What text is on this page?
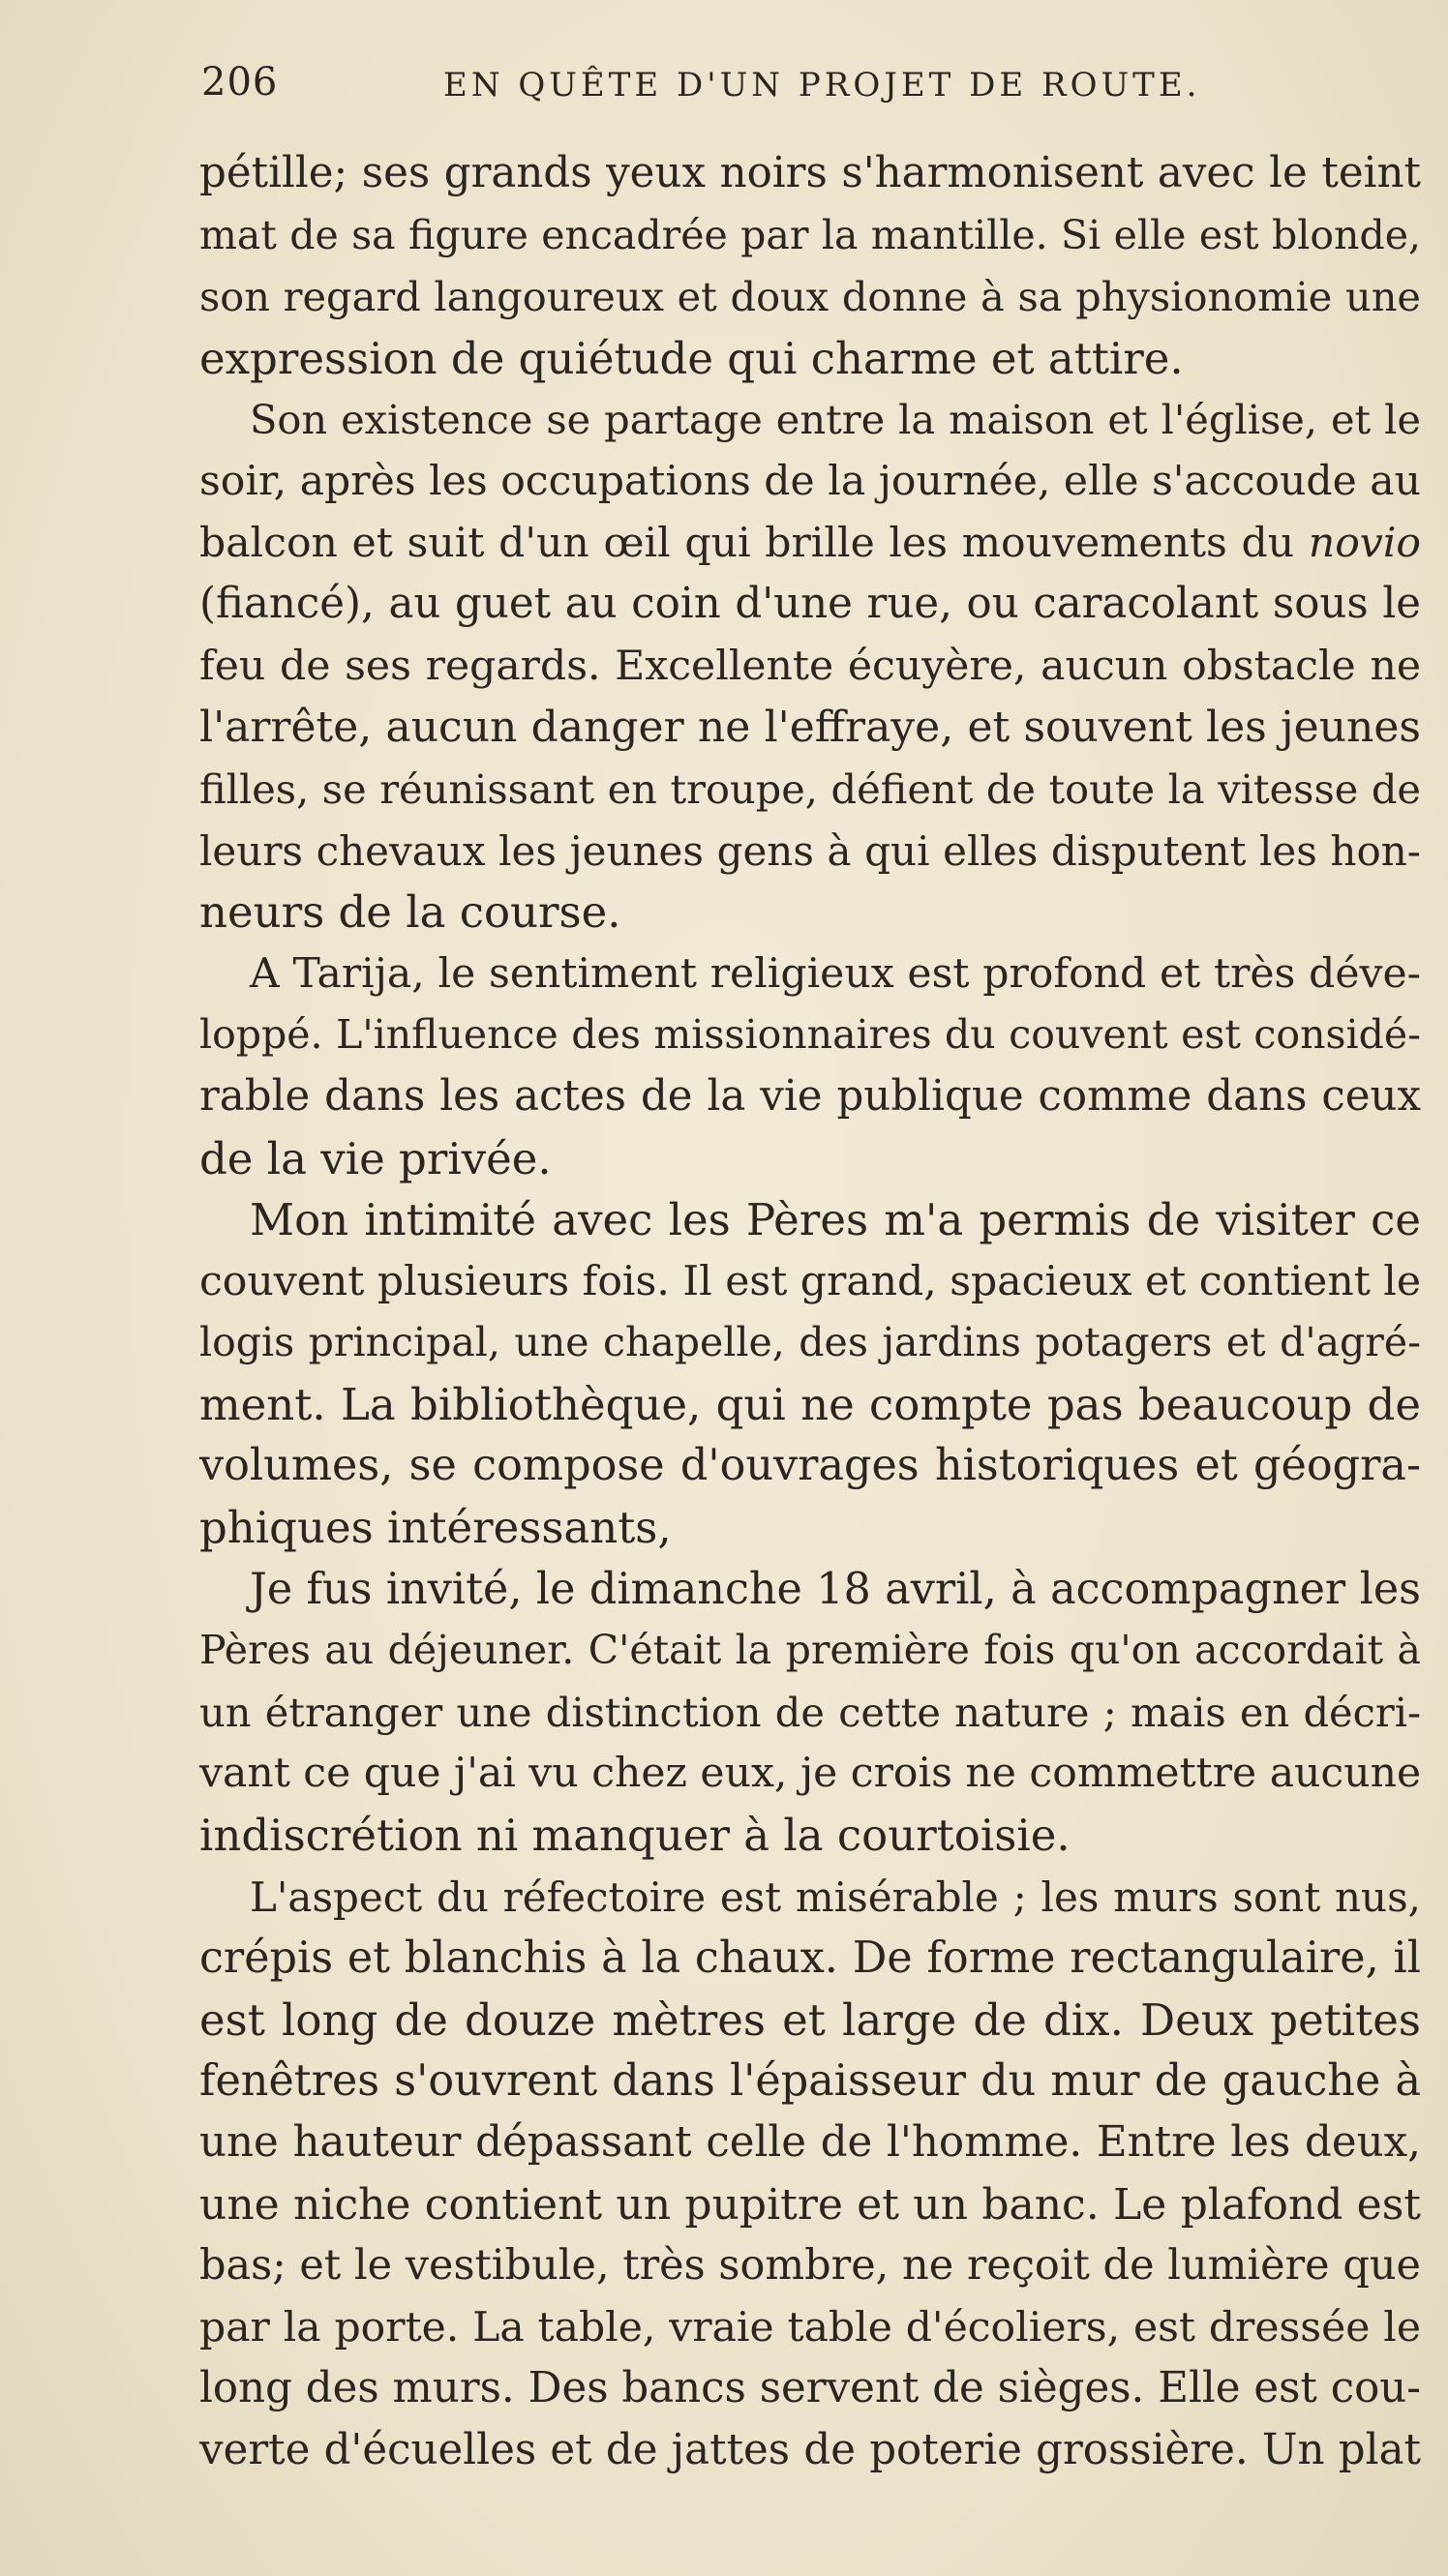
206	EN QUÊTE D'UN PROJET DE ROUTE.
pétille; ses grands yeux noirs s'harmonisent avec le teint
mat de sa figure encadrée par la mantille. Si elle est blonde,
son regard langoureux et doux donne à sa physionomie une
expression de quiétude qui charme et attire.
Son existence se partage entre la maison et l'église, et le
soir, après les occupations de la journée, elle s'accoude au
balcon et suit d'un œil qui brille les mouvements du novio
(fiancé), au guet au coin d'une rue, ou caracolant sous le
feu de ses regards. Excellente écuyère, aucun obstacle ne
l'arrête, aucun danger ne l'effraye, et souvent les jeunes
filles, se réunissant en troupe, défient de toute la vitesse de
leurs chevaux les jeunes gens à qui elles disputent les hon-
neurs de la course.
A Tarija, le sentiment religieux est profond et très déve-
loppé. L'influence des missionnaires du couvent est considé-
rable dans les actes de la vie publique comme dans ceux
de la vie privée.
Mon intimité avec les Pères m'a permis de visiter ce
couvent plusieurs fois. Il est grand, spacieux et contient le
logis principal, une chapelle, des jardins potagers et d'agré-
ment. La bibliothèque, qui ne compte pas beaucoup de
volumes, se compose d'ouvrages historiques et géogra-
phiques intéressants,
Je fus invité, le dimanche 18 avril, à accompagner les
Pères au déjeuner. C'était la première fois qu'on accordait à
un étranger une distinction de cette nature ; mais en décri-
vant ce que j'ai vu chez eux, je crois ne commettre aucune
indiscrétion ni manquer à la courtoisie.
L'aspect du réfectoire est misérable ; les murs sont nus,
crépis et blanchis à la chaux. De forme rectangulaire, il
est long de douze mètres et large de dix. Deux petites
fenêtres s'ouvrent dans l'épaisseur du mur de gauche à
une hauteur dépassant celle de l'homme. Entre les deux,
une niche contient un pupitre et un banc. Le plafond est
bas; et le vestibule, très sombre, ne reçoit de lumière que
par la porte. La table, vraie table d'écoliers, est dressée le
long des murs. Des bancs servent de sièges. Elle est cou-
verte d'écuelles et de jattes de poterie grossière. Un plat
